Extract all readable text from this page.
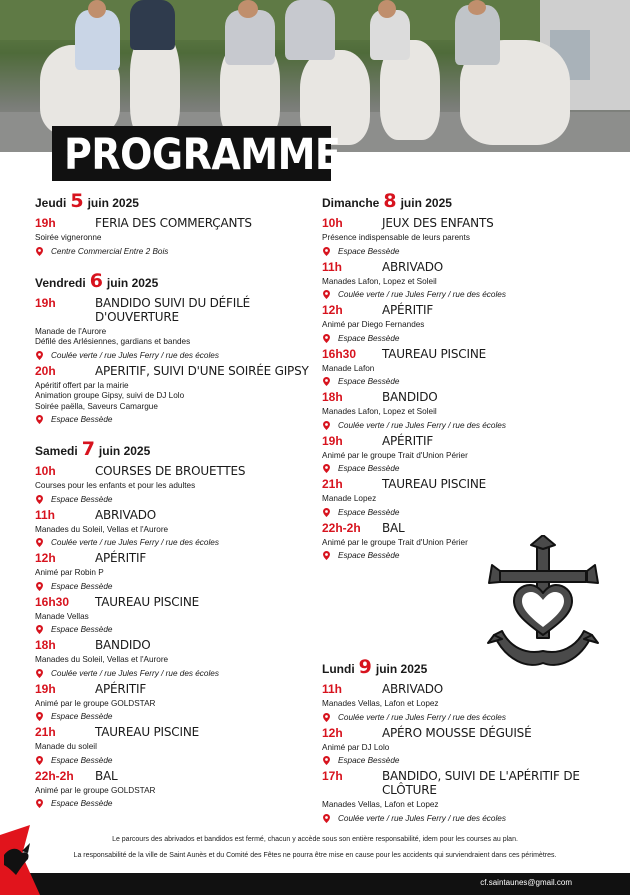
PROGRAMME
Jeudi 5 juin 2025
19h	FERIA DES COMMERÇANTS
Soirée vigneronne
Centre Commercial Entre 2 Bois
Vendredi 6 juin 2025
19h	BANDIDO SUIVI DU DÉFILÉ D'OUVERTURE
Manade de l'Aurore
Défilé des Arlésiennes, gardians et bandes
Coulée verte / rue Jules Ferry / rue des écoles
20h	APERITIF, SUIVI D'UNE SOIRÉE GIPSY
Apéritif offert par la mairie
Animation groupe Gipsy, suivi de DJ Lolo
Soirée paëlla, Saveurs Camargue
Espace Bessède
Samedi 7 juin 2025
10h	COURSES DE BROUETTES
Courses pour les enfants et pour les adultes
Espace Bessède
11h	ABRIVADO
Manades du Soleil, Vellas et l'Aurore
Coulée verte / rue Jules Ferry / rue des écoles
12h	APÉRITIF
Animé par Robin P
Espace Bessède
16h30	TAUREAU PISCINE
Manade Vellas
Espace Bessède
18h	BANDIDO
Manades du Soleil, Vellas et l'Aurore
Coulée verte / rue Jules Ferry / rue des écoles
19h	APÉRITIF
Animé par le groupe GOLDSTAR
Espace Bessède
21h	TAUREAU PISCINE
Manade du soleil
Espace Bessède
22h-2h	BAL
Animé par le groupe GOLDSTAR
Espace Bessède
Dimanche 8 juin 2025
10h	JEUX DES ENFANTS
Présence indispensable de leurs parents
Espace Bessède
11h	ABRIVADO
Manades Lafon, Lopez et Soleil
Coulée verte / rue Jules Ferry / rue des écoles
12h	APÉRITIF
Animé par Diego Fernandes
Espace Bessède
16h30	TAUREAU PISCINE
Manade Lafon
Espace Bessède
18h	BANDIDO
Manades Lafon, Lopez et Soleil
Coulée verte / rue Jules Ferry / rue des écoles
19h	APÉRITIF
Animé par le groupe Trait d'Union Périer
Espace Bessède
21h	TAUREAU PISCINE
Manade Lopez
Espace Bessède
22h-2h	BAL
Animé par le groupe Trait d'Union Périer
Espace Bessède
Lundi 9 juin 2025
11h	ABRIVADO
Manades Vellas, Lafon et Lopez
Coulée verte / rue Jules Ferry / rue des écoles
12h	APÉRO MOUSSE DÉGUISÉ
Animé par DJ Lolo
Espace Bessède
17h	BANDIDO, SUIVI DE L'APÉRITIF DE CLÔTURE
Manades Vellas, Lafon et Lopez
Coulée verte / rue Jules Ferry / rue des écoles

Le parcours des abrivados et bandidos est fermé, chacun y accède sous son entière responsabilité, idem pour les courses au plan.

La responsabilité de la ville de Saint Aunès et du Comité des Fêtes ne pourra être mise en cause pour les accidents qui surviendraient dans ces périmètres.

cf.saintaunes@gmail.com
